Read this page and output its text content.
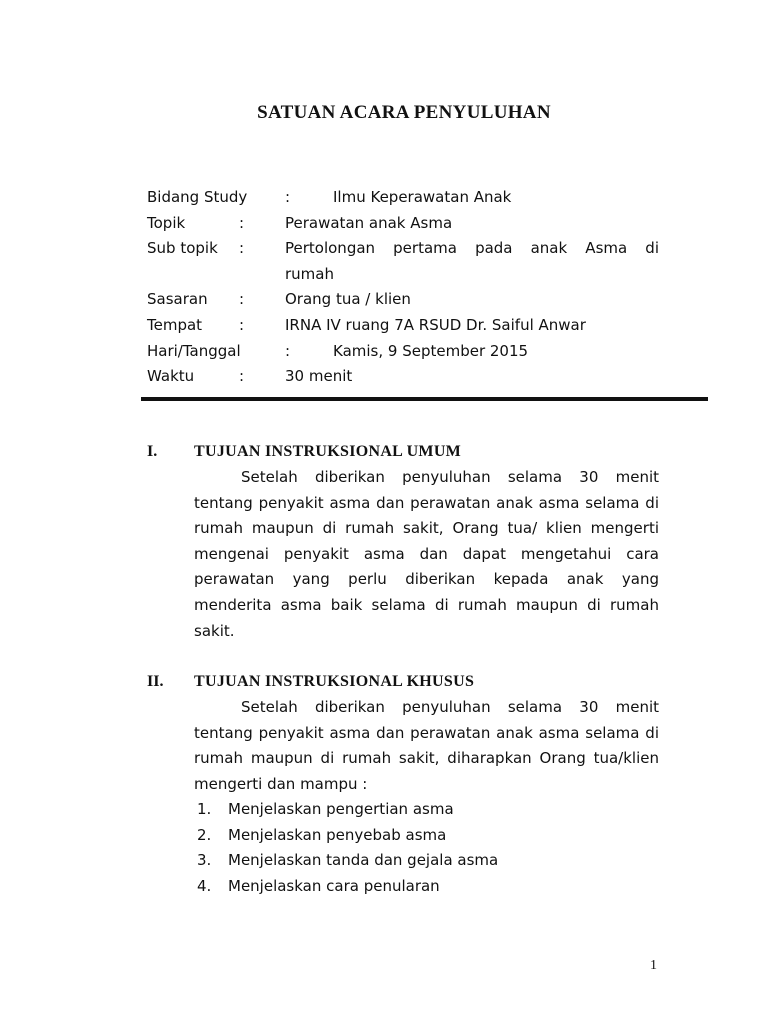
SATUAN ACARA PENYULUHAN
Bidang Study	:	Ilmu Keperawatan Anak
Topik	:	Perawatan anak Asma
Sub topik :	Pertolongan pertama pada anak Asma di
rumah
Sasaran :	Orang tua / klien
Tempat :	IRNA IV ruang 7A RSUD Dr. Saiful Anwar
Hari/Tanggal	:	Kamis, 9 September 2015
Waktu	:	30 menit
I. TUJUAN INSTRUKSIONAL UMUM

Setelah diberikan penyuluhan selama 30 menit tentang penyakit asma dan perawatan anak asma selama di rumah maupun di rumah sakit, Orang tua/ klien mengerti mengenai penyakit asma dan dapat mengetahui cara perawatan yang perlu diberikan kepada anak yang menderita asma baik selama di rumah maupun di rumah sakit.

II. TUJUAN INSTRUKSIONAL KHUSUS

Setelah diberikan penyuluhan selama 30 menit tentang penyakit asma dan perawatan anak asma selama di rumah maupun di rumah sakit, diharapkan Orang tua/klien mengerti dan mampu :

1. Menjelaskan pengertian asma
2. Menjelaskan penyebab asma
3. Menjelaskan tanda dan gejala asma
4. Menjelaskan cara penularan
1
